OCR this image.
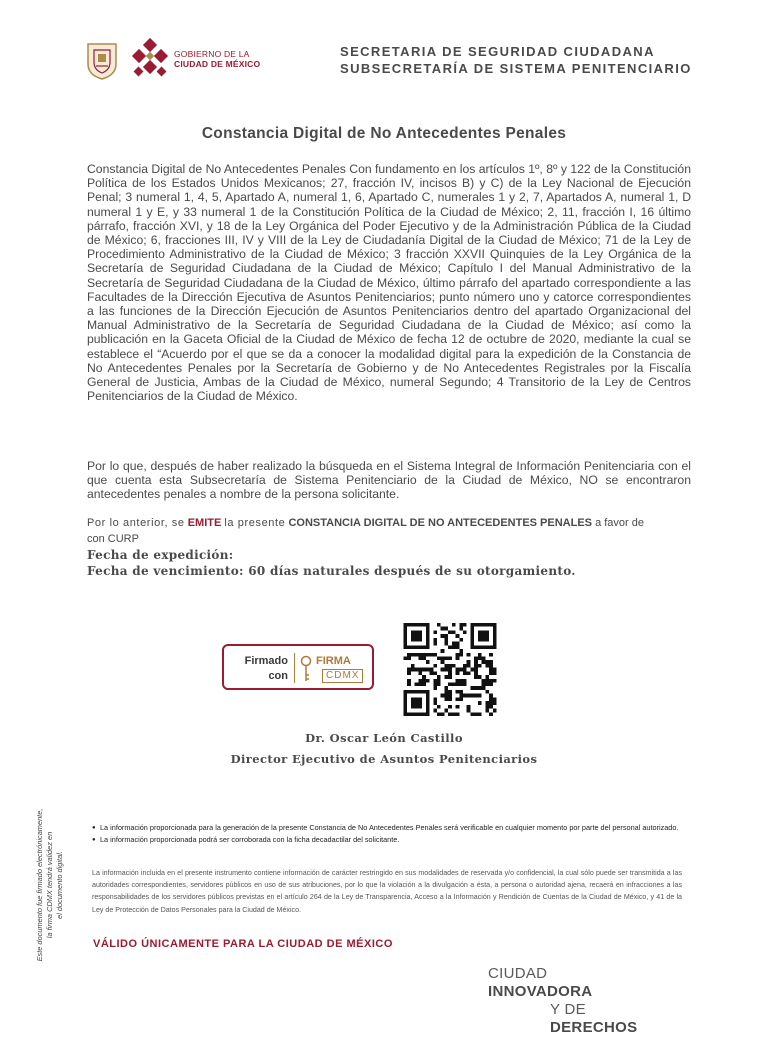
GOBIERNO DE LA
CIUDAD DE MÉXICO
SECRETARIA DE SEGURIDAD CIUDADANA
SUBSECRETARÍA DE SISTEMA PENITENCIARIO
Constancia Digital de No Antecedentes Penales

Constancia Digital de No Antecedentes Penales Con fundamento en los artículos 1º, 8º y 122 de la Constitución Política de los Estados Unidos Mexicanos; 27, fracción IV, incisos B) y C) de la Ley Nacional de Ejecución Penal; 3 numeral 1, 4, 5, Apartado A, numeral 1, 6, Apartado C, numerales 1 y 2, 7, Apartados A, numeral 1, D numeral 1 y E, y 33 numeral 1 de la Constitución Política de la Ciudad de México; 2, 11, fracción I, 16 último párrafo, fracción XVI, y 18 de la Ley Orgánica del Poder Ejecutivo y de la Administración Pública de la Ciudad de México; 6, fracciones III, IV y VIII de la Ley de Ciudadanía Digital de la Ciudad de México; 71 de la Ley de Procedimiento Administrativo de la Ciudad de México; 3 fracción XXVII Quinquies de la Ley Orgánica de la Secretaría de Seguridad Ciudadana de la Ciudad de México; Capítulo I del Manual Administrativo de la Secretaría de Seguridad Ciudadana de la Ciudad de México, último párrafo del apartado correspondiente a las Facultades de la Dirección Ejecutiva de Asuntos Penitenciarios; punto número uno y catorce correspondientes a las funciones de la Dirección Ejecución de Asuntos Penitenciarios dentro del apartado Organizacional del Manual Administrativo de la Secretaría de Seguridad Ciudadana de la Ciudad de México; así como la publicación en la Gaceta Oficial de la Ciudad de México de fecha 12 de octubre de 2020, mediante la cual se establece el “Acuerdo por el que se da a conocer la modalidad digital para la expedición de la Constancia de No Antecedentes Penales por la Secretaría de Gobierno y de No Antecedentes Registrales por la Fiscalía General de Justicia, Ambas de la Ciudad de México, numeral Segundo; 4 Transitorio de la Ley de Centros Penitenciarios de la Ciudad de México.

Por lo que, después de haber realizado la búsqueda en el Sistema Integral de Información Penitenciaria con el que cuenta esta Subsecretaría de Sistema Penitenciario de la Ciudad de México, NO se encontraron antecedentes penales a nombre de la persona solicitante.

Por lo anterior, se EMITE la presente CONSTANCIA DIGITAL DE NO ANTECEDENTES PENALES a favor de
con CURP
Fecha de expedición:
Fecha de vencimiento: 60 días naturales después de su otorgamiento.
Firmado
con
FIRMA
CDMX
Dr. Oscar León Castillo
Director Ejecutivo de Asuntos Penitenciarios
Este documento fue firmado electrónicamente, la firma CDMX tendrá validez en el documento digital.
● La información proporcionada para la generación de la presente Constancia de No Antecedentes Penales será verificable en cualquier momento por parte del personal autorizado.
● La información proporcionada podrá ser corroborada con la ficha decadactilar del solicitante.

La información incluida en el presente instrumento contiene información de carácter restringido en sus modalidades de reservada y/o confidencial, la cual sólo puede ser transmitida a las autoridades correspondientes, servidores públicos en uso de sus atribuciones, por lo que la violación a la divulgación a ésta, a persona o autoridad ajena, recaerá en infracciones a las responsabilidades de los servidores públicos previstas en el artículo 264 de la Ley de Transparencia, Acceso a la Información y Rendición de Cuentas de la Ciudad de México, y 41 de la Ley de Protección de Datos Personales para la Ciudad de México.

VÁLIDO ÚNICAMENTE PARA LA CIUDAD DE MÉXICO
CIUDAD
INNOVADORA
Y DE
DERECHOS
